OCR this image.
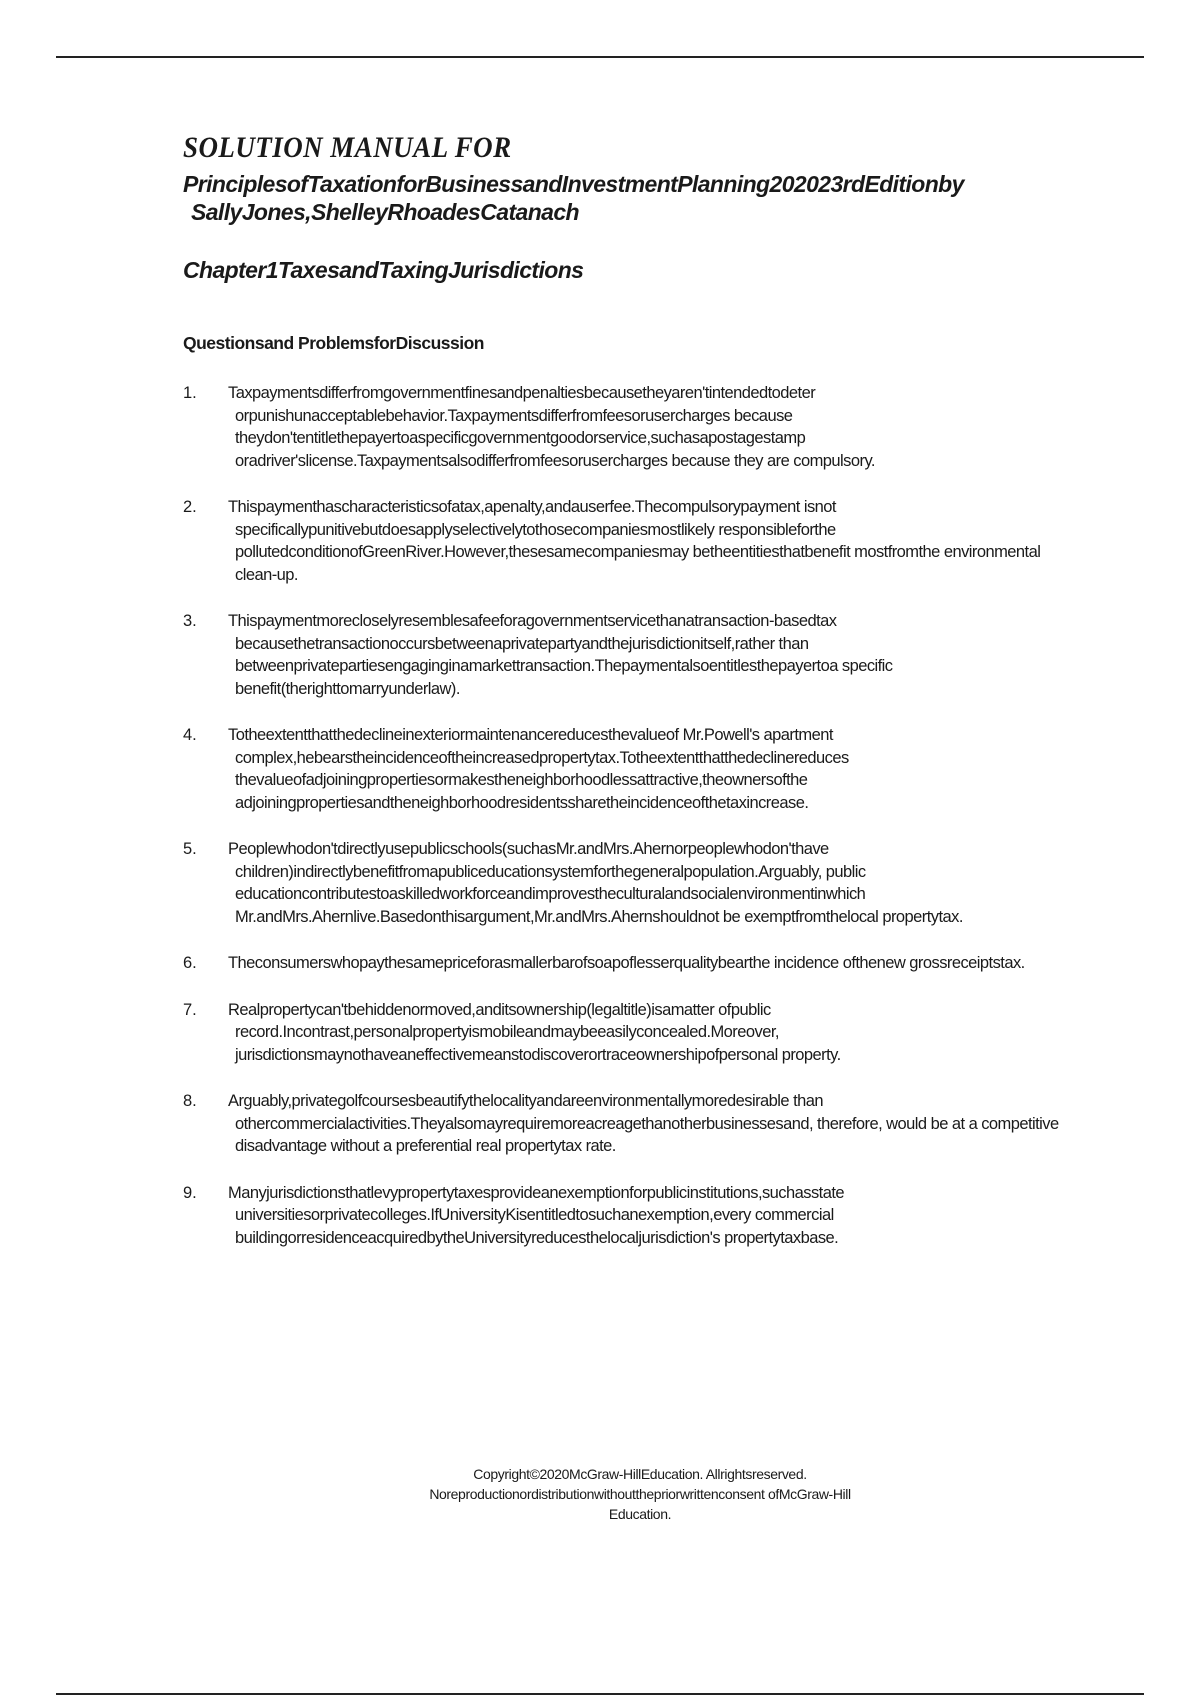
SOLUTION MANUAL FOR
PrinciplesofTaxationforBusinessandInvestmentPlanning202023rdEditionby
SallyJones,ShelleyRhoadesCatanach
Chapter1TaxesandTaxingJurisdictions
Questionsand ProblemsforDiscussion
1. Taxpaymentsdifferfromgovernmentfinesandpenaltiesbecausetheyaren'tintendedtodeter orpunishunacceptablebehavior.Taxpaymentsdifferfromfeesorusercharges because theydon'tentitlethepayertoaspecificgovernmentgoodorservice,suchasapostagestamp oradriver'slicense.Taxpaymentsalsodifferfromfeesorusercharges because they are compulsory.
2. Thispaymenthascharacteristicsofatax,apenalty,andauserfee.Thecompulsorypayment isnot specificallypunitivebutdoesapplyselectivelytothosecompaniesmostlikely responsibleforthe pollutedconditionofGreenRiver.However,thesesamecompaniesmay betheentitiesthatbenefit mostfromthe environmental clean-up.
3. Thispaymentmorecloselyresemblesafeeforagovernmentservicethanatransaction-basedtax becausethetransactionoccursbetweenaprivatepartyandthejurisdictionitself,rather than betweenprivatepartiesengaginginamarkettransaction.Thepaymentalsoentitlesthepayertoa specific benefit(therighttomarryunderlaw).
4. Totheextentthatthedeclineinexteriormaintenancereducesthevalueof Mr.Powell's apartment complex,hebearstheincidenceoftheincreasedpropertytax.Totheextentthatthedeclinereduces thevalueofadjoiningpropertiesormakestheneighborhoodlessattractive,theownersofthe adjoiningpropertiesandtheneighborhoodresidentssharetheincidenceofthetaxincrease.
5. Peoplewhodon'tdirectlyusepublicschools(suchasMr.andMrs.Ahernorpeoplewhodon'thave children)indirectlybenefitfromapubliceducationsystemforthegeneralpopulation.Arguably, public educationcontributestoaskilledworkforceandimprovestheculturalandsocialenvironmentinwhich Mr.andMrs.Ahernlive.Basedonthisargument,Mr.andMrs.Ahernshouldnot be exemptfromthelocal propertytax.
6. Theconsumerswhopaythesamepriceforasmallerbarofsoapoflesserqualitybearthe incidence ofthenew grossreceiptstax.
7. Realpropertycan'tbehiddenormoved,anditsownership(legaltitle)isamatter ofpublic record.Incontrast,personalpropertyismobileandmaybeeasilyconcealed.Moreover, jurisdictionsmaynothaveaneffectivemeanstodiscoverortraceownershipofpersonal property.
8. Arguably,privategolfcoursesbeautifythelocalityandareenvironmentallymoredesirable than othercommercialactivities.Theyalsomayrequiremoreacreagethanotherbusinessesand, therefore, would be at a competitive disadvantage without a preferential real propertytax rate.
9. Manyjurisdictionsthatlevypropertytaxesprovideanexemptionforpublicinstitutions,suchasstate universitiesorprivatecolleges.IfUniversityKisentitledtosuchanexemption,every commercial buildingorresidenceacquiredbytheUniversityreducesthelocaljurisdiction's propertytaxbase.
Copyright©2020McGraw-HillEducation. Allrightsreserved.
Noreproductionordistributionwithoutthepriorwrittenconsent ofMcGraw-Hill
Education.
